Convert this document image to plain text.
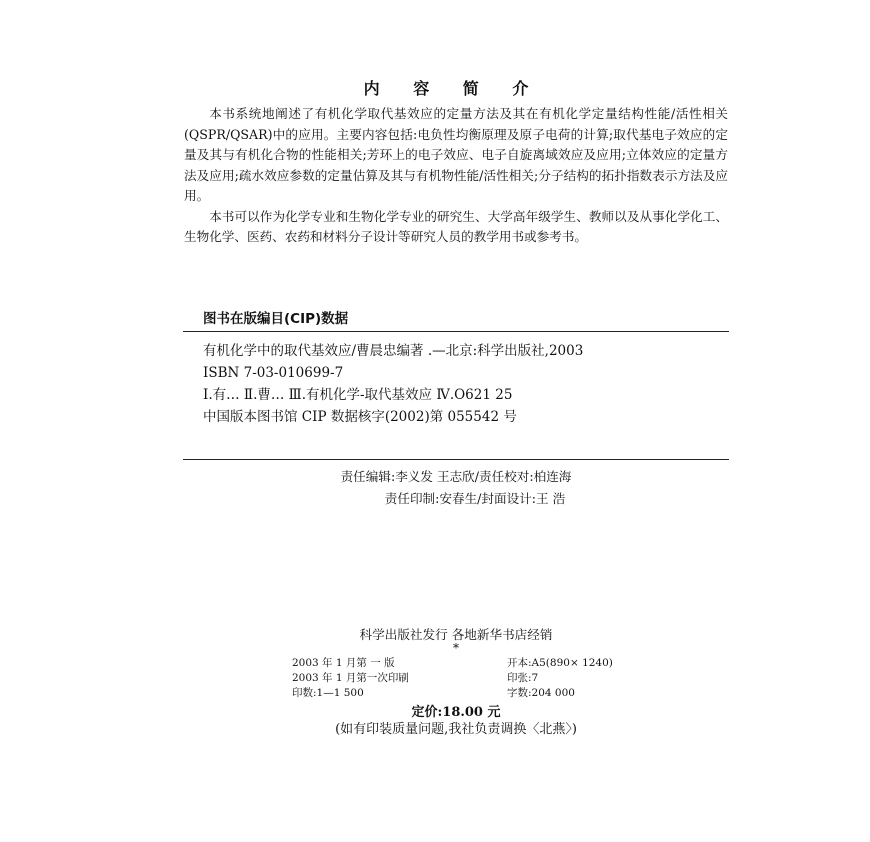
内 容 简 介

本书系统地阐述了有机化学取代基效应的定量方法及其在有机化学定量结构性能/活性相关(QSPR/QSAR)中的应用。主要内容包括:电负性均衡原理及原子电荷的计算;取代基电子效应的定量及其与有机化合物的性能相关;芳环上的电子效应、电子自旋离域效应及应用;立体效应的定量方法及应用;疏水效应参数的定量估算及其与有机物性能/活性相关;分子结构的拓扑指数表示方法及应用。

本书可以作为化学专业和生物化学专业的研究生、大学高年级学生、教师以及从事化学化工、生物化学、医药、农药和材料分子设计等研究人员的教学用书或参考书。

图书在版编目(CIP)数据
有机化学中的取代基效应/曹晨忠编著 .—北京:科学出版社,2003
ISBN 7-03-010699-7
Ⅰ.有… Ⅱ.曹… Ⅲ.有机化学-取代基效应 Ⅳ.O621 25
中国版本图书馆 CIP 数据核字(2002)第 055542 号
责任编辑:李义发 王志欣/责任校对:柏连海
责任印制:安春生/封面设计:王 浩
科学出版社发行 各地新华书店经销
*
2003 年 1 月第 一 版	开本:A5(890× 1240)
2003 年 1 月第一次印刷	印张:7
印数:1—1 500	字数:204 000
定价:18.00 元
(如有印装质量问题,我社负责调换〈北燕〉)
